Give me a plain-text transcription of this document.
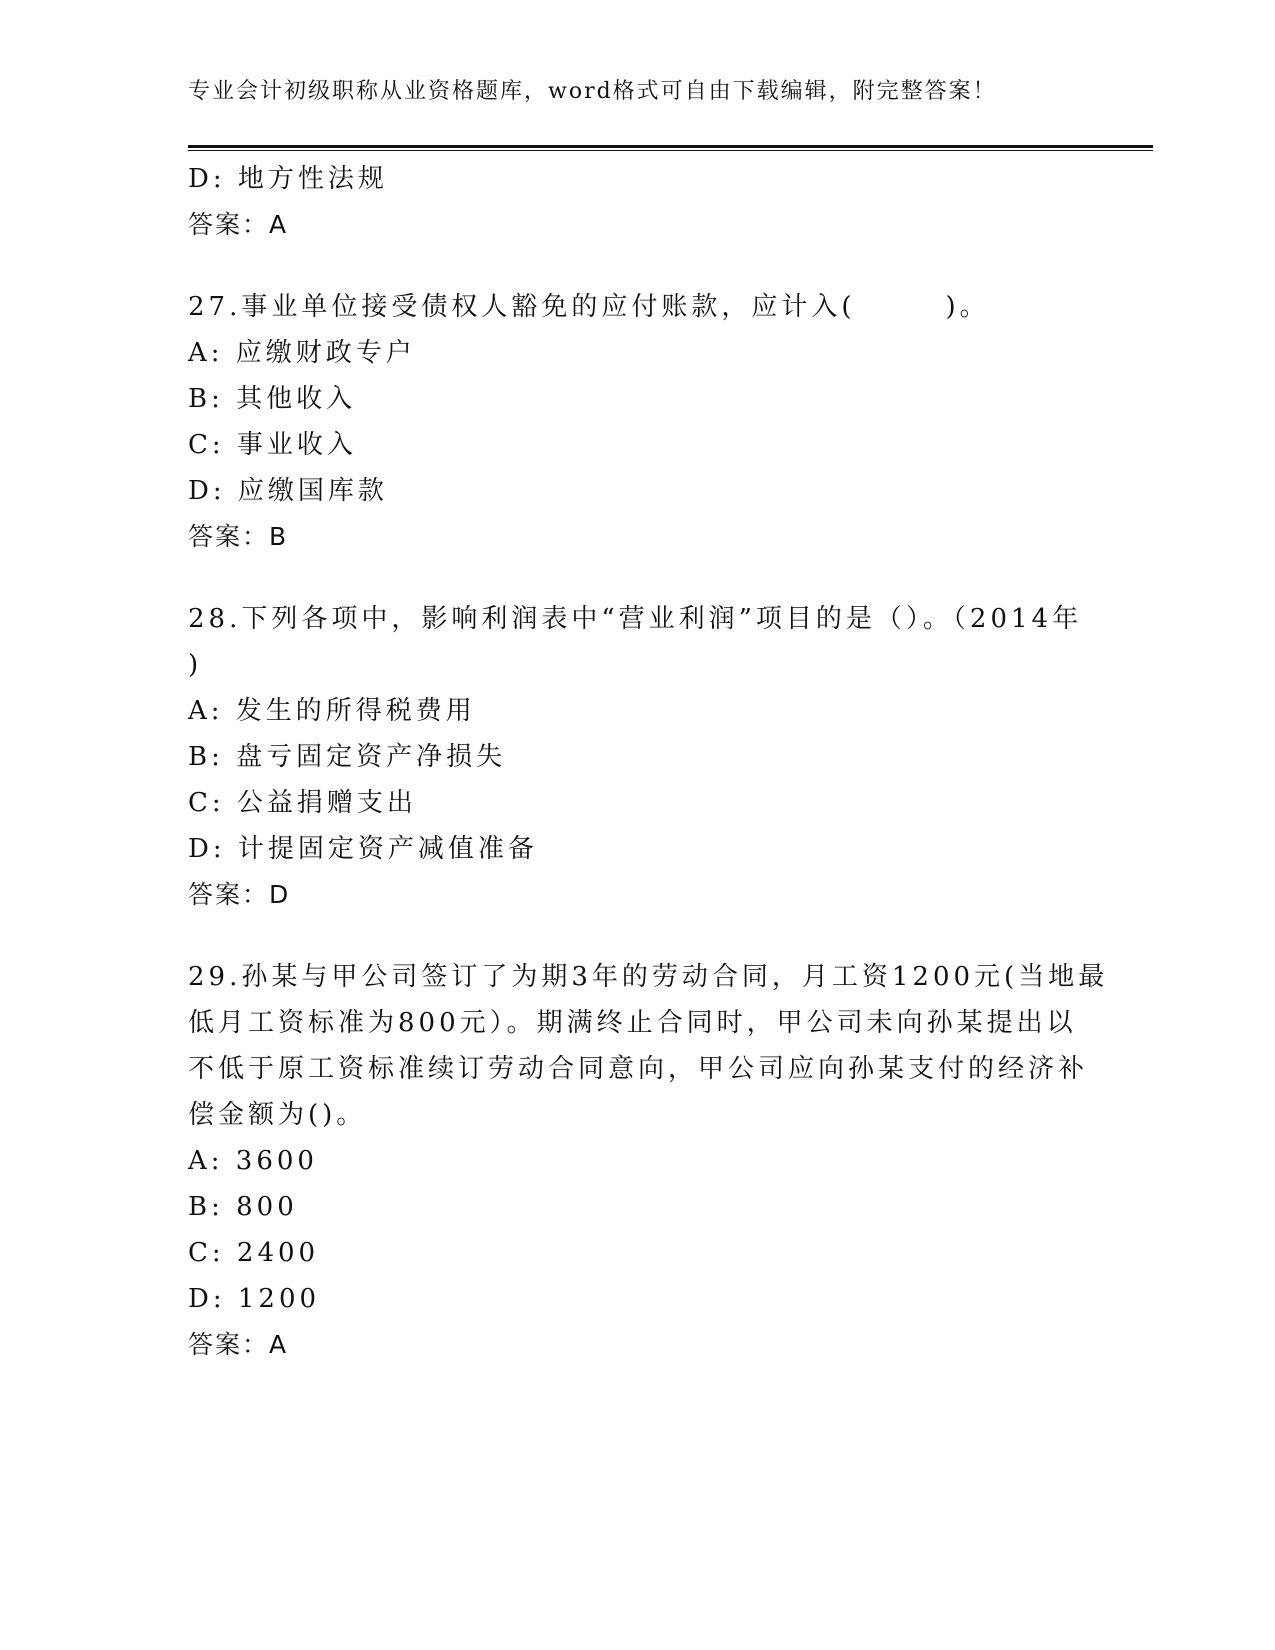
专业会计初级职称从业资格题库，word格式可自由下载编辑，附完整答案！
D: 地方性法规
答案：A
27.事业单位接受债权人豁免的应付账款，应计入(　　　)。
A: 应缴财政专户
B: 其他收入
C: 事业收入
D: 应缴国库款
答案：B
28.下列各项中，影响利润表中“营业利润”项目的是（）。（2014年
)
A: 发生的所得税费用
B: 盘亏固定资产净损失
C: 公益捐赠支出
D: 计提固定资产减值准备
答案：D
29.孙某与甲公司签订了为期3年的劳动合同，月工资1200元(当地最
低月工资标准为800元）。期满终止合同时，甲公司未向孙某提出以
不低于原工资标准续订劳动合同意向，甲公司应向孙某支付的经济补
偿金额为()。
A: 3600
B: 800
C: 2400
D: 1200
答案：A
